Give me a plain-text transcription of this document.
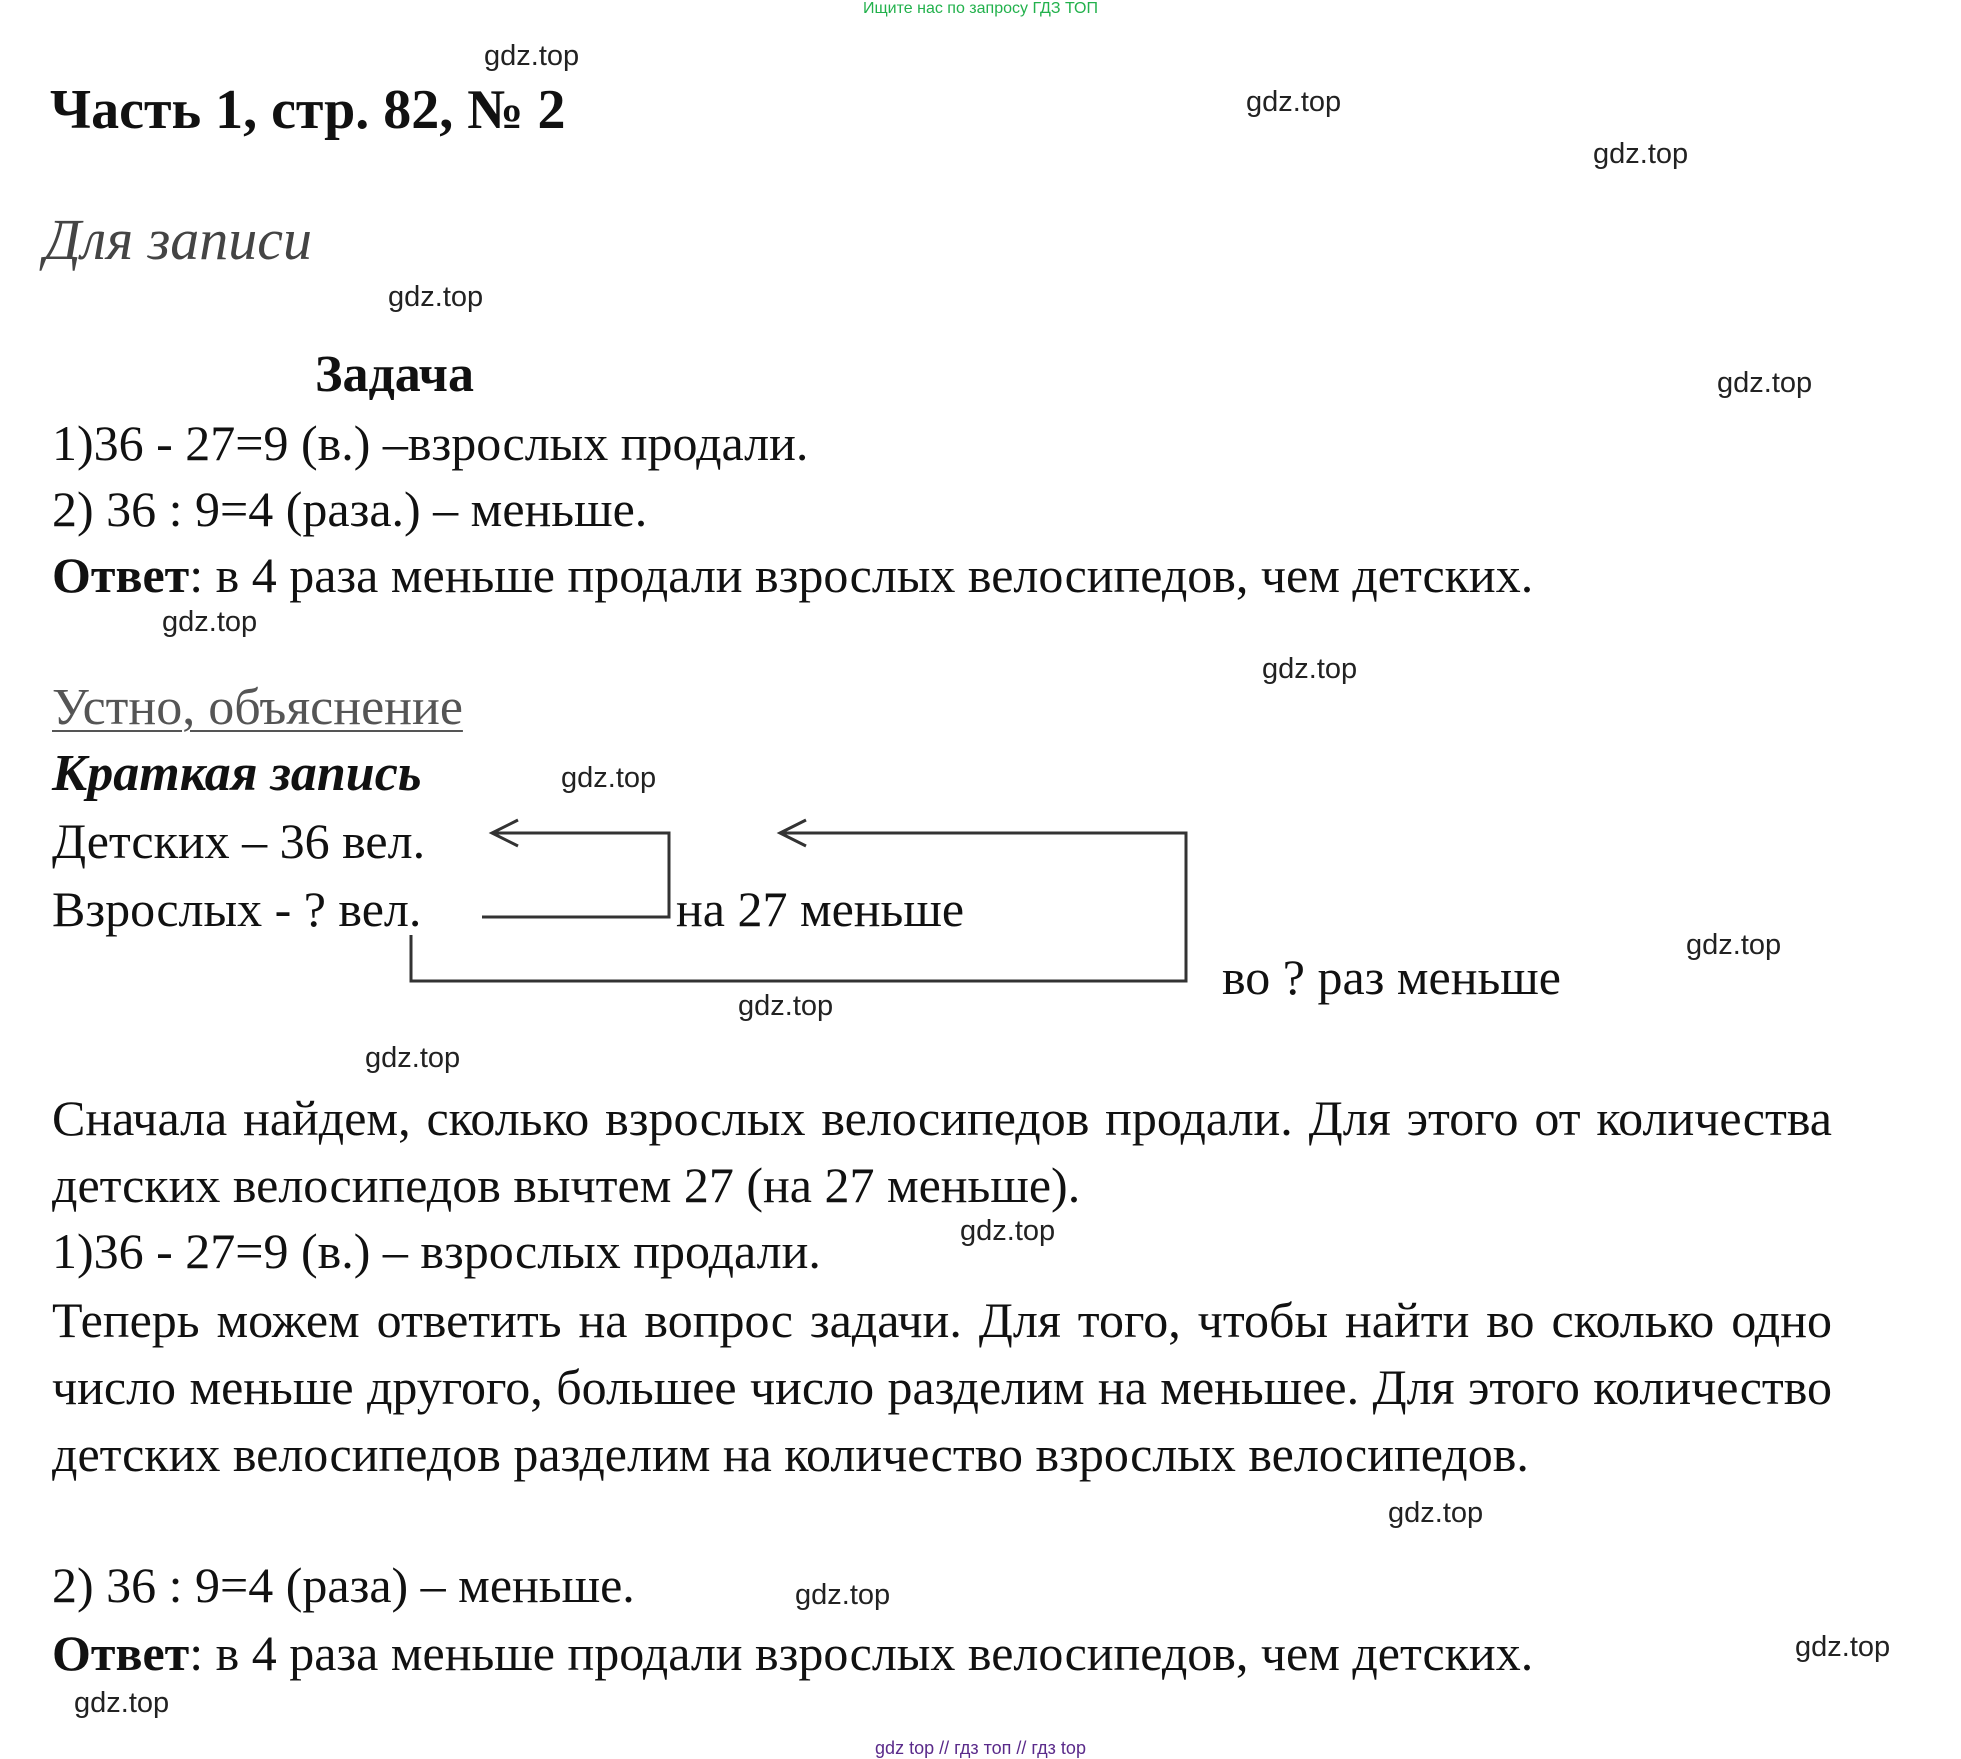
Ищите нас по запросу ГДЗ ТОП
gdz.top
gdz.top
gdz.top
gdz.top
gdz.top
gdz.top
gdz.top
gdz.top
gdz.top
gdz.top
gdz.top
gdz.top
gdz.top
gdz.top
gdz.top
gdz.top
Часть 1, стр. 82, № 2
Для записи
Задача
1)36 - 27=9 (в.) –взрослых продали.
2) 36 : 9=4 (раза.) – меньше.
Ответ: в 4 раза меньше продали взрослых велосипедов, чем детских.
Устно, объяснение
Краткая запись
Детских – 36 вел.
Взрослых - ? вел.	на 27 меньше
во ? раз меньше

Сначала найдем, сколько взрослых велосипедов продали. Для этого от количества детских велосипедов вычтем 27 (на 27 меньше).

1)36 - 27=9 (в.) – взрослых продали.

Теперь можем ответить на вопрос задачи. Для того, чтобы найти во сколько одно число меньше другого, большее число разделим на меньшее. Для этого количество детских велосипедов разделим на количество взрослых велосипедов.

2) 36 : 9=4 (раза) – меньше.
Ответ: в 4 раза меньше продали взрослых велосипедов, чем детских.
gdz top // гдз топ // гдз top
